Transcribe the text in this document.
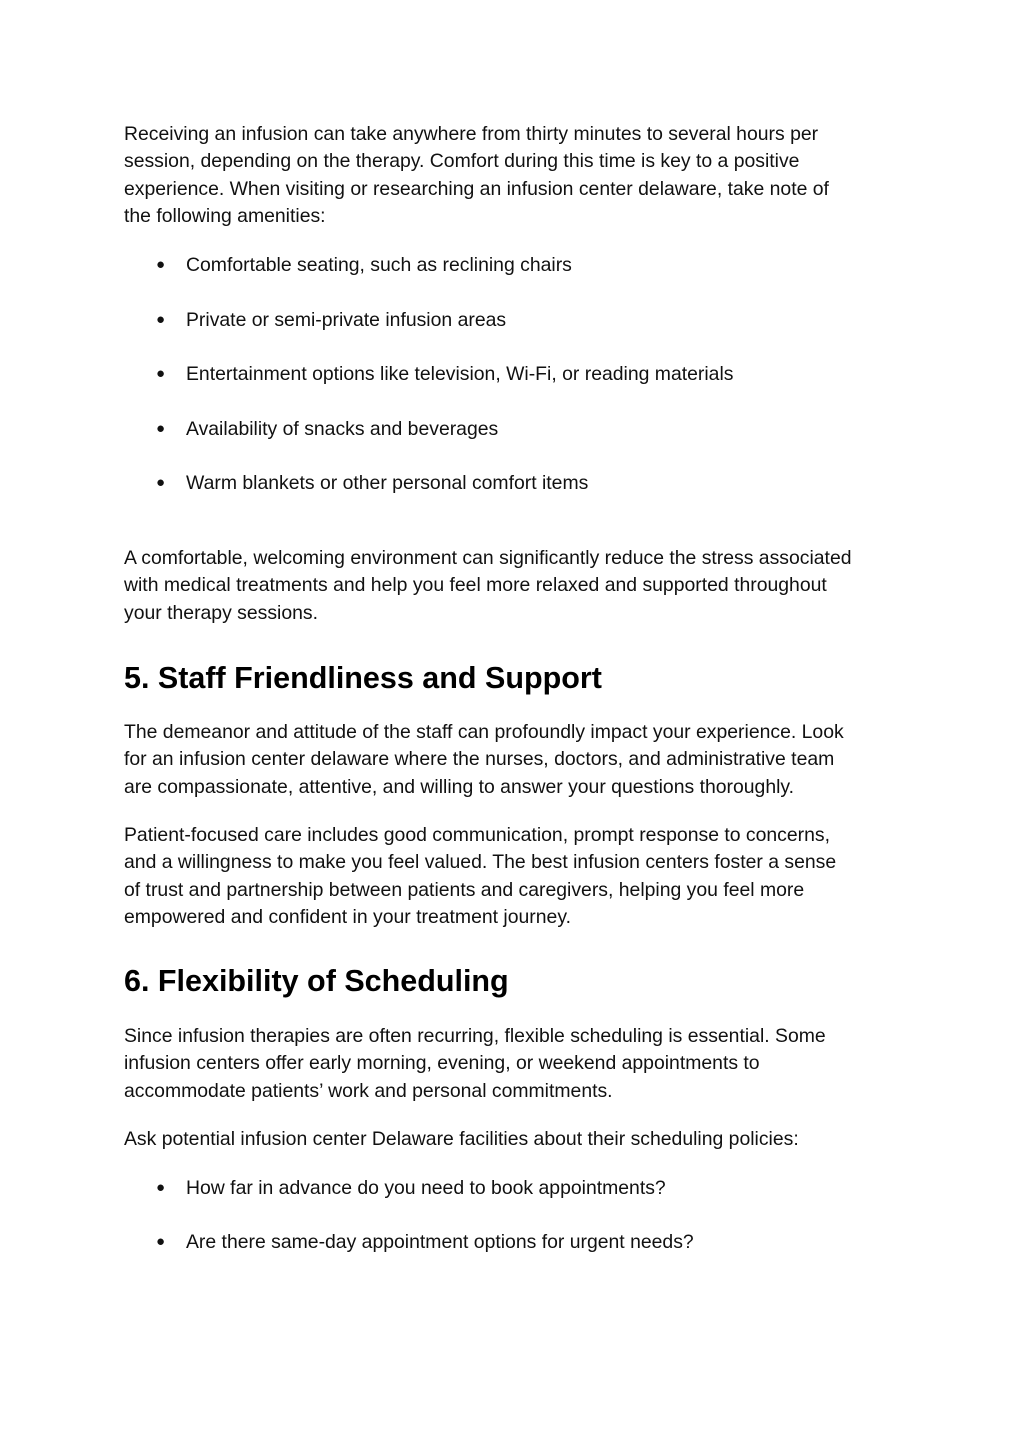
Receiving an infusion can take anywhere from thirty minutes to several hours per
session, depending on the therapy. Comfort during this time is key to a positive
experience. When visiting or researching an infusion center delaware, take note of
the following amenities:

● Comfortable seating, such as reclining chairs
● Private or semi-private infusion areas
● Entertainment options like television, Wi-Fi, or reading materials
● Availability of snacks and beverages
● Warm blankets or other personal comfort items

A comfortable, welcoming environment can significantly reduce the stress associated
with medical treatments and help you feel more relaxed and supported throughout
your therapy sessions.

5. Staff Friendliness and Support

The demeanor and attitude of the staff can profoundly impact your experience. Look
for an infusion center delaware where the nurses, doctors, and administrative team
are compassionate, attentive, and willing to answer your questions thoroughly.

Patient-focused care includes good communication, prompt response to concerns,
and a willingness to make you feel valued. The best infusion centers foster a sense
of trust and partnership between patients and caregivers, helping you feel more
empowered and confident in your treatment journey.

6. Flexibility of Scheduling

Since infusion therapies are often recurring, flexible scheduling is essential. Some
infusion centers offer early morning, evening, or weekend appointments to
accommodate patients’ work and personal commitments.

Ask potential infusion center Delaware facilities about their scheduling policies:

● How far in advance do you need to book appointments?
● Are there same-day appointment options for urgent needs?
